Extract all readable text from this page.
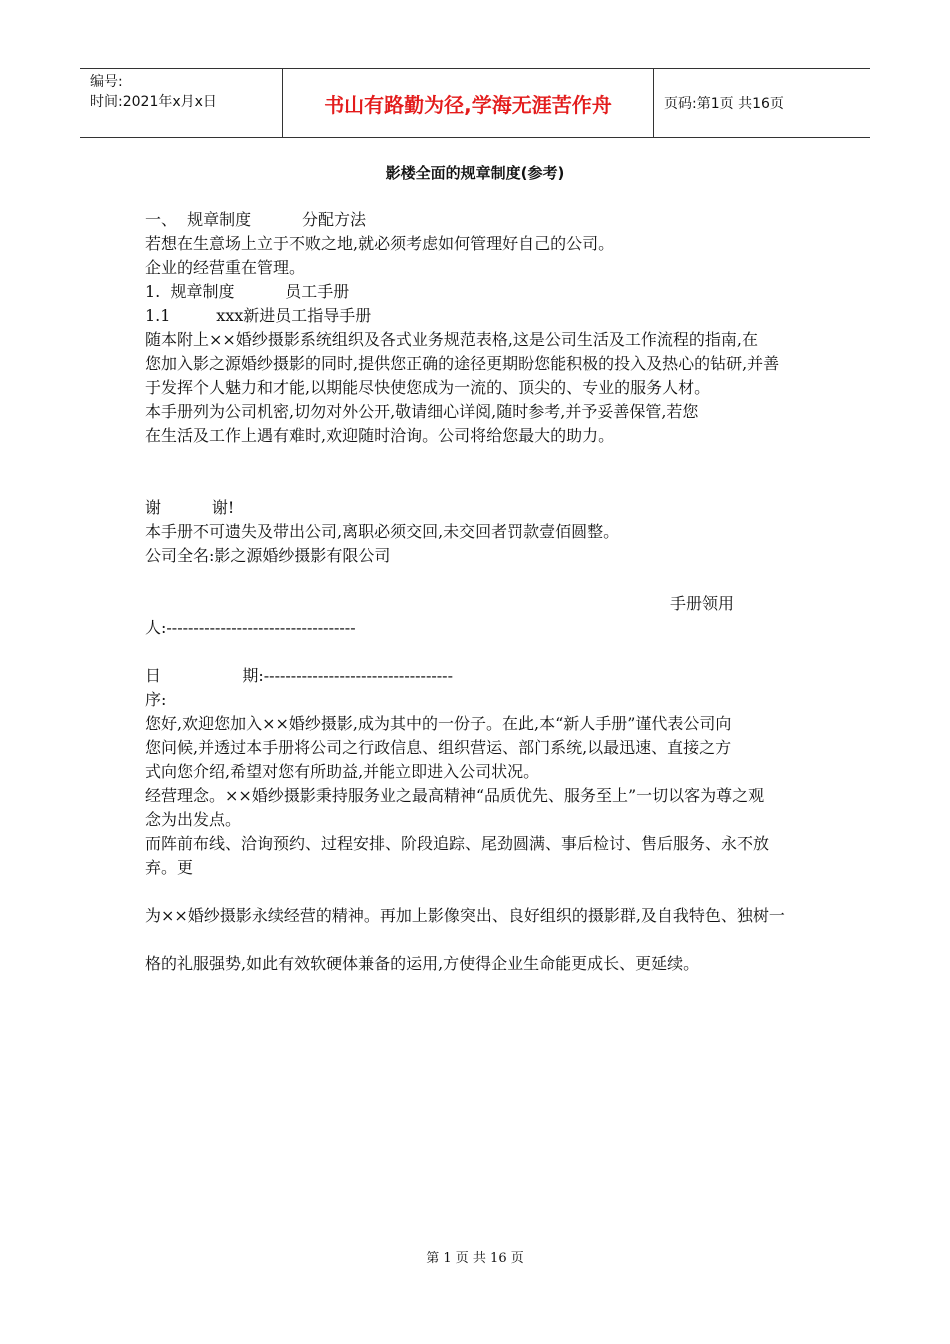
编号:
时间:2021年x月x日	书山有路勤为径,学海无涯苦作舟	页码:第1页 共16页
影楼全面的规章制度(参考)

一、  规章制度          分配方法

若想在生意场上立于不败之地,就必须考虑如何管理好自己的公司。

企业的经营重在管理。

1.  规章制度          员工手册

1.1         xxx新进员工指导手册

随本附上××婚纱摄影系统组织及各式业务规范表格,这是公司生活及工作流程的指南,在

您加入影之源婚纱摄影的同时,提供您正确的途径更期盼您能积极的投入及热心的钻研,并善

于发挥个人魅力和才能,以期能尽快使您成为一流的、顶尖的、专业的服务人材。

本手册列为公司机密,切勿对外公开,敬请细心详阅,随时参考,并予妥善保管,若您

在生活及工作上遇有难时,欢迎随时洽询。公司将给您最大的助力。

谢          谢!

本手册不可遗失及带出公司,离职必须交回,未交回者罚款壹佰圆整。

公司全名:影之源婚纱摄影有限公司

手册领用

人:-----------------------------------

日                期:-----------------------------------

序:

您好,欢迎您加入××婚纱摄影,成为其中的一份子。在此,本“新人手册”谨代表公司向

您问候,并透过本手册将公司之行政信息、组织营运、部门系统,以最迅速、直接之方

式向您介绍,希望对您有所助益,并能立即进入公司状况。

经营理念。××婚纱摄影秉持服务业之最高精神“品质优先、服务至上”一切以客为尊之观

念为出发点。

而阵前布线、洽询预约、过程安排、阶段追踪、尾劲圆满、事后检讨、售后服务、永不放弃。更

为××婚纱摄影永续经营的精神。再加上影像突出、良好组织的摄影群,及自我特色、独树一

格的礼服强势,如此有效软硬体兼备的运用,方使得企业生命能更成长、更延续。

第 1 页 共 16 页
